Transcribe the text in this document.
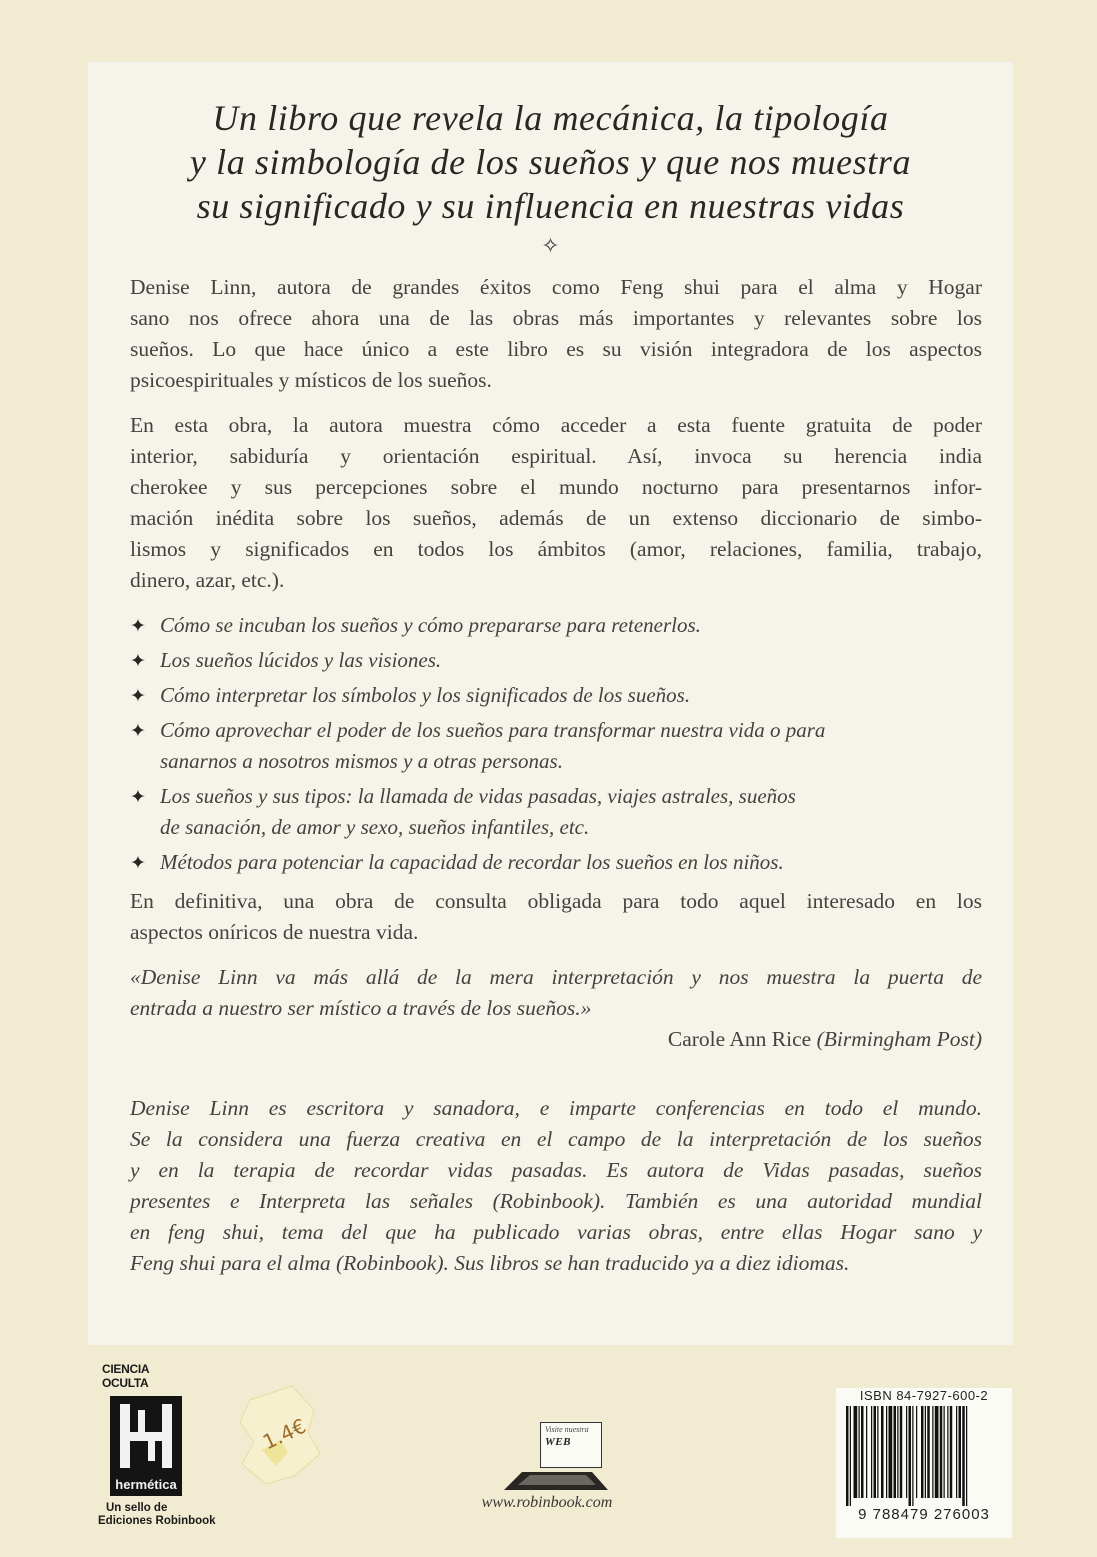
Un libro que revela la mecánica, la tipología
y la simbología de los sueños y que nos muestra
su significado y su influencia en nuestras vidas
✧
Denise Linn, autora de grandes éxitos como Feng shui para el alma y Hogar
sano nos ofrece ahora una de las obras más importantes y relevantes sobre los
sueños. Lo que hace único a este libro es su visión integradora de los aspectos
psicoespirituales y místicos de los sueños.
En esta obra, la autora muestra cómo acceder a esta fuente gratuita de poder
interior, sabiduría y orientación espiritual. Así, invoca su herencia india
cherokee y sus percepciones sobre el mundo nocturno para presentarnos infor-
mación inédita sobre los sueños, además de un extenso diccionario de simbo-
lismos y significados en todos los ámbitos (amor, relaciones, familia, trabajo,
dinero, azar, etc.).
✦ Cómo se incuban los sueños y cómo prepararse para retenerlos.
✦ Los sueños lúcidos y las visiones.
✦ Cómo interpretar los símbolos y los significados de los sueños.
✦ Cómo aprovechar el poder de los sueños para transformar nuestra vida o para
sanarnos a nosotros mismos y a otras personas.
✦ Los sueños y sus tipos: la llamada de vidas pasadas, viajes astrales, sueños
de sanación, de amor y sexo, sueños infantiles, etc.
✦ Métodos para potenciar la capacidad de recordar los sueños en los niños.
En definitiva, una obra de consulta obligada para todo aquel interesado en los
aspectos oníricos de nuestra vida.
«Denise Linn va más allá de la mera interpretación y nos muestra la puerta de
entrada a nuestro ser místico a través de los sueños.»
Carole Ann Rice (Birmingham Post)
Denise Linn es escritora y sanadora, e imparte conferencias en todo el mundo.
Se la considera una fuerza creativa en el campo de la interpretación de los sueños
y en la terapia de recordar vidas pasadas. Es autora de Vidas pasadas, sueños
presentes e Interpreta las señales (Robinbook). También es una autoridad mundial
en feng shui, tema del que ha publicado varias obras, entre ellas Hogar sano y
Feng shui para el alma (Robinbook). Sus libros se han traducido ya a diez idiomas.
CIENCIA OCULTA
hermética
Un sello de
Ediciones Robinbook
1.4€	Visite nuestra
WEB
www.robinbook.com
ISBN 84-7927-600-2
9 788479 276003
